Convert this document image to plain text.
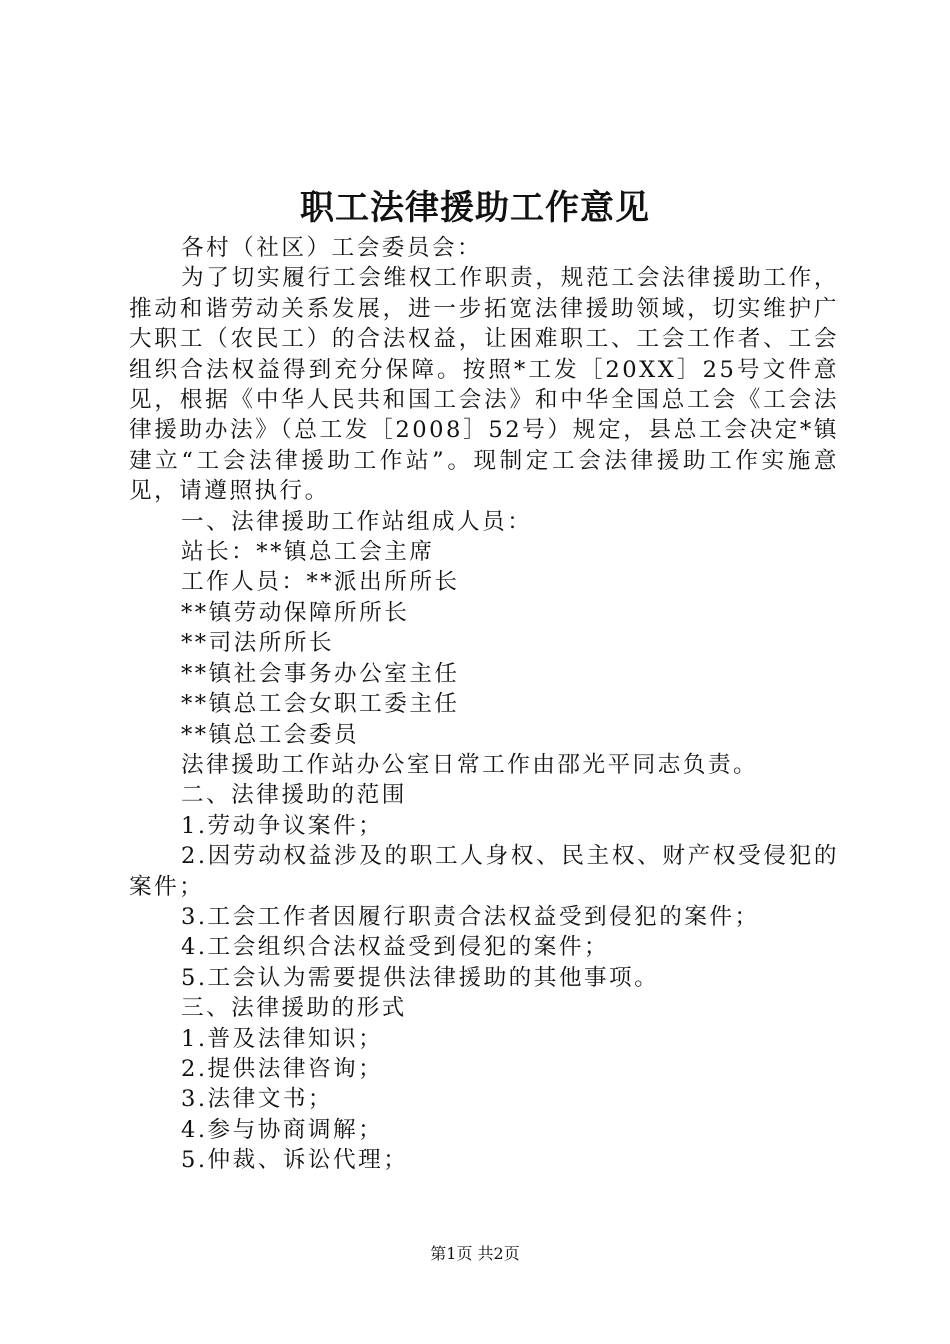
职工法律援助工作意见

各村（社区）工会委员会：

为了切实履行工会维权工作职责，规范工会法律援助工作，推动和谐劳动关系发展，进一步拓宽法律援助领域，切实维护广大职工（农民工）的合法权益，让困难职工、工会工作者、工会组织合法权益得到充分保障。按照*工发［20XX］25号文件意见，根据《中华人民共和国工会法》和中华全国总工会《工会法律援助办法》（总工发［2008］52号）规定，县总工会决定*镇建立“工会法律援助工作站”。现制定工会法律援助工作实施意见，请遵照执行。

一、法律援助工作站组成人员：

站长：**镇总工会主席

工作人员：**派出所所长

**镇劳动保障所所长

**司法所所长

**镇社会事务办公室主任

**镇总工会女职工委主任

**镇总工会委员

法律援助工作站办公室日常工作由邵光平同志负责。

二、法律援助的范围

1.劳动争议案件；

2.因劳动权益涉及的职工人身权、民主权、财产权受侵犯的案件；

3.工会工作者因履行职责合法权益受到侵犯的案件；

4.工会组织合法权益受到侵犯的案件；

5.工会认为需要提供法律援助的其他事项。

三、法律援助的形式

1.普及法律知识；

2.提供法律咨询；

3.法律文书；

4.参与协商调解；

5.仲裁、诉讼代理；

第1页 共2页
